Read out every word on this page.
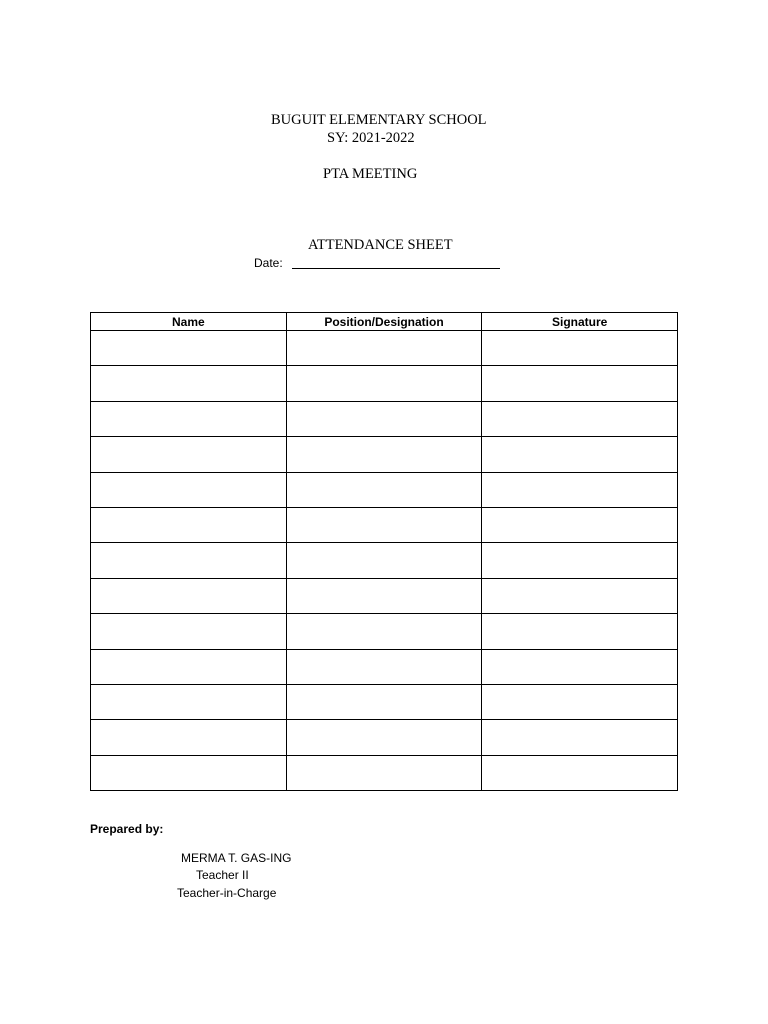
BUGUIT ELEMENTARY SCHOOL
SY: 2021-2022
PTA MEETING
ATTENDANCE SHEET
Date:
Name	Position/Designation	Signature

Prepared by:
MERMA T. GAS-ING
Teacher II
Teacher-in-Charge
